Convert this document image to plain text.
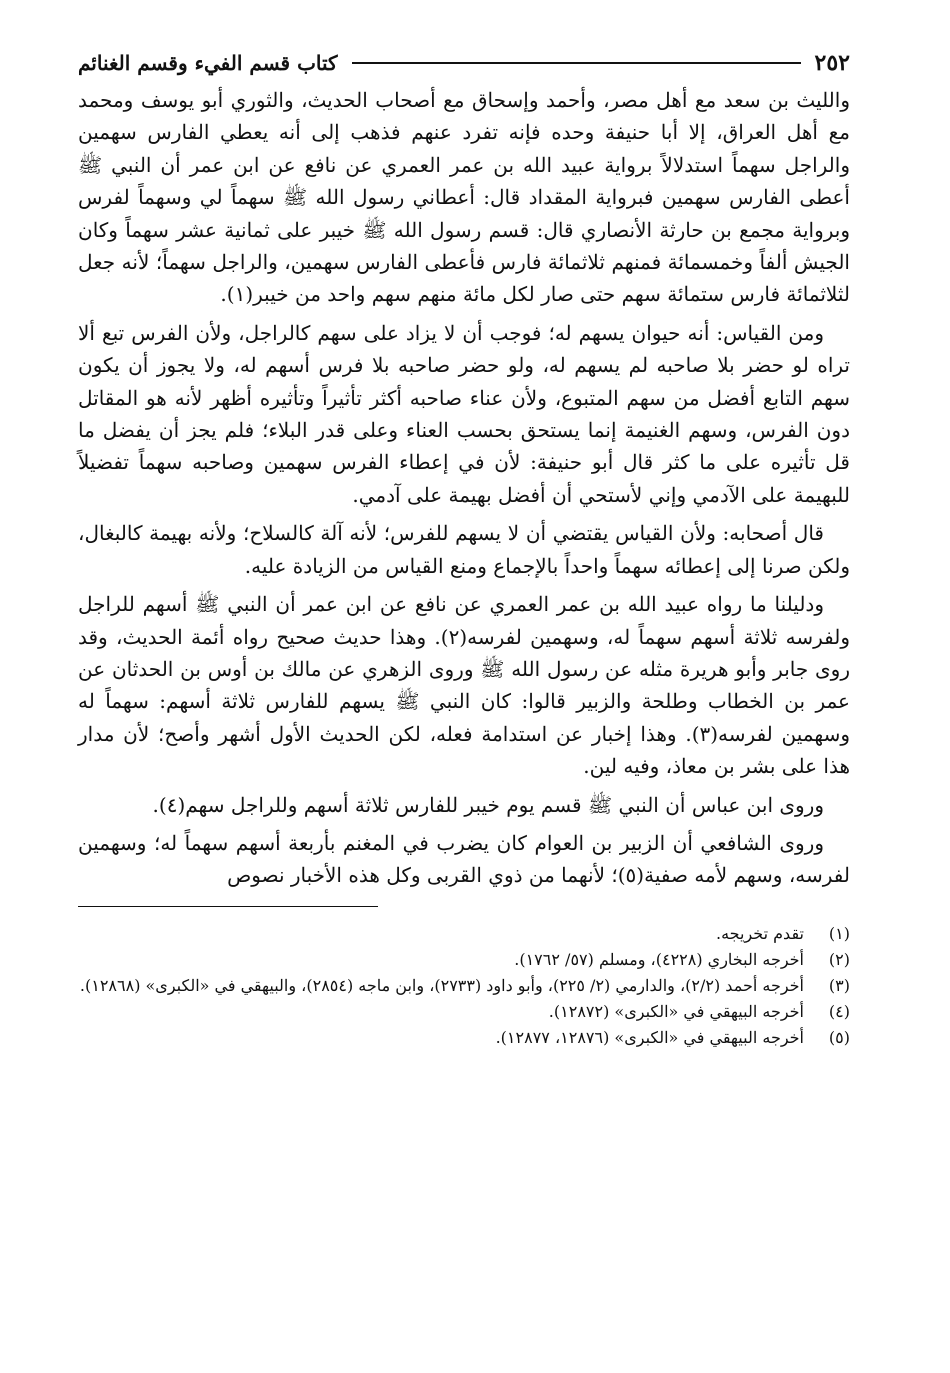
٢٥٢
كتاب قسم الفيء وقسم الغنائم

والليث بن سعد مع أهل مصر، وأحمد وإسحاق مع أصحاب الحديث، والثوري أبو يوسف ومحمد مع أهل العراق، إلا أبا حنيفة وحده فإنه تفرد عنهم فذهب إلى أنه يعطي الفارس سهمين والراجل سهماً استدلالاً برواية عبيد الله بن عمر العمري عن نافع عن ابن عمر أن النبي ﷺ أعطى الفارس سهمين فبرواية المقداد قال: أعطاني رسول الله ﷺ سهماً لي وسهماً لفرس وبرواية مجمع بن حارثة الأنصاري قال: قسم رسول الله ﷺ خيبر على ثمانية عشر سهماً وكان الجيش ألفاً وخمسمائة فمنهم ثلاثمائة فارس فأعطى الفارس سهمين، والراجل سهماً؛ لأنه جعل لثلاثمائة فارس ستمائة سهم حتى صار لكل مائة منهم سهم واحد من خيبر(١).

ومن القياس: أنه حيوان يسهم له؛ فوجب أن لا يزاد على سهم كالراجل، ولأن الفرس تبع ألا تراه لو حضر بلا صاحبه لم يسهم له، ولو حضر صاحبه بلا فرس أسهم له، ولا يجوز أن يكون سهم التابع أفضل من سهم المتبوع، ولأن عناء صاحبه أكثر تأثيراً وتأثيره أظهر لأنه هو المقاتل دون الفرس، وسهم الغنيمة إنما يستحق بحسب العناء وعلى قدر البلاء؛ فلم يجز أن يفضل ما قل تأثيره على ما كثر قال أبو حنيفة: لأن في إعطاء الفرس سهمين وصاحبه سهماً تفضيلاً للبهيمة على الآدمي وإني لأستحي أن أفضل بهيمة على آدمي.

قال أصحابه: ولأن القياس يقتضي أن لا يسهم للفرس؛ لأنه آلة كالسلاح؛ ولأنه بهيمة كالبغال، ولكن صرنا إلى إعطائه سهماً واحداً بالإجماع ومنع القياس من الزيادة عليه.

ودليلنا ما رواه عبيد الله بن عمر العمري عن نافع عن ابن عمر أن النبي ﷺ أسهم للراجل ولفرسه ثلاثة أسهم سهماً له، وسهمين لفرسه(٢). وهذا حديث صحيح رواه أئمة الحديث، وقد روى جابر وأبو هريرة مثله عن رسول الله ﷺ وروى الزهري عن مالك بن أوس بن الحدثان عن عمر بن الخطاب وطلحة والزبير قالوا: كان النبي ﷺ يسهم للفارس ثلاثة أسهم: سهماً له وسهمين لفرسه(٣). وهذا إخبار عن استدامة فعله، لكن الحديث الأول أشهر وأصح؛ لأن مدار هذا على بشر بن معاذ، وفيه لين.

وروى ابن عباس أن النبي ﷺ قسم يوم خيبر للفارس ثلاثة أسهم وللراجل سهم(٤).

وروى الشافعي أن الزبير بن العوام كان يضرب في المغنم بأربعة أسهم سهماً له؛ وسهمين لفرسه، وسهم لأمه صفية(٥)؛ لأنهما من ذوي القربى وكل هذه الأخبار نصوص

(١)
تقدم تخريجه.
(٢)
أخرجه البخاري (٤٢٢٨)، ومسلم (٥٧/ ١٧٦٢).
(٣)
أخرجه أحمد (٢/٢)، والدارمي (٢/ ٢٢٥)، وأبو داود (٢٧٣٣)، وابن ماجه (٢٨٥٤)، والبيهقي في «الكبرى» (١٢٨٦٨).
(٤)
أخرجه البيهقي في «الكبرى» (١٢٨٧٢).
(٥)
أخرجه البيهقي في «الكبرى» (١٢٨٧٦، ١٢٨٧٧).
